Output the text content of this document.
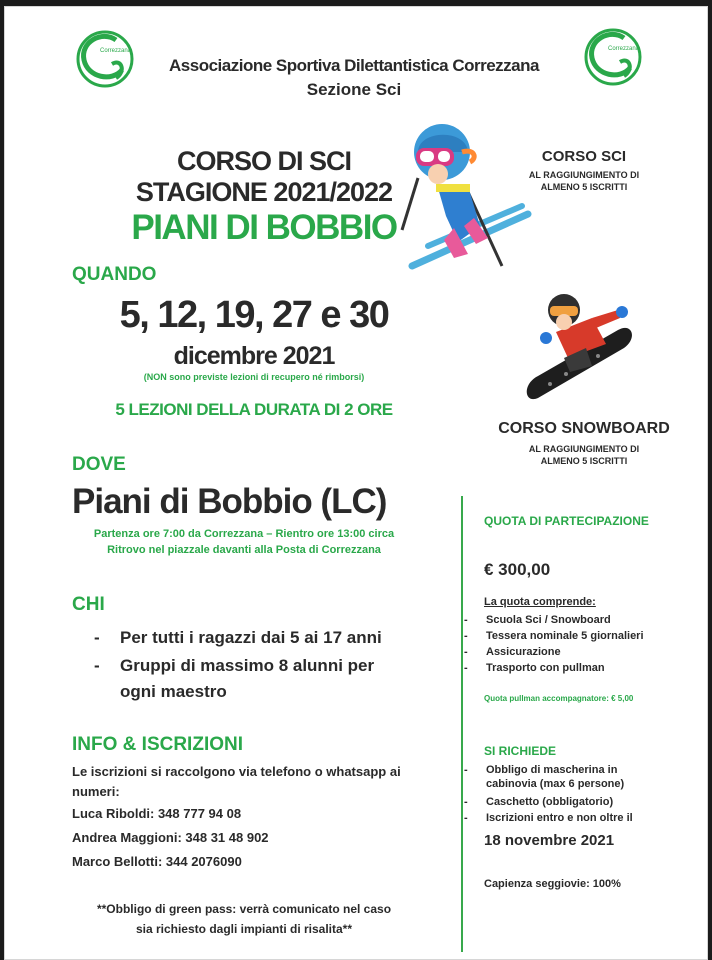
Correzzana	Correzzana
Associazione Sportiva Dilettantistica Correzzana
Sezione Sci
CORSO DI SCI
STAGIONE 2021/2022
PIANI DI BOBBIO
CORSO SCI
AL RAGGIUNGIMENTO DI
ALMENO 5 ISCRITTI
CORSO SNOWBOARD
AL RAGGIUNGIMENTO DI
ALMENO 5 ISCRITTI
QUANDO
5, 12, 19, 27 e 30
dicembre 2021
(NON sono previste lezioni di recupero né rimborsi)
5 LEZIONI DELLA DURATA DI 2 ORE
DOVE
Piani di Bobbio (LC)
Partenza ore 7:00 da Correzzana – Rientro ore 13:00 circa
Ritrovo nel piazzale davanti alla Posta di Correzzana
CHI
- Per tutti i ragazzi dai 5 ai 17 anni
- Gruppi di massimo 8 alunni per
ogni maestro
INFO & ISCRIZIONI
Le iscrizioni si raccolgono via telefono o whatsapp ai
numeri:
Luca Riboldi: 348 777 94 08
Andrea Maggioni: 348 31 48 902
Marco Bellotti: 344 2076090
**Obbligo di green pass: verrà comunicato nel caso
sia richiesto dagli impianti di risalita**
QUOTA DI PARTECIPAZIONE
€ 300,00
La quota comprende:
- Scuola Sci / Snowboard
- Tessera nominale 5 giornalieri
- Assicurazione
- Trasporto con pullman
Quota pullman accompagnatore: € 5,00
SI RICHIEDE
- Obbligo di mascherina in
cabinovia (max 6 persone)
- Caschetto (obbligatorio)
- Iscrizioni entro e non oltre il
18 novembre 2021
Capienza seggiovie: 100%
